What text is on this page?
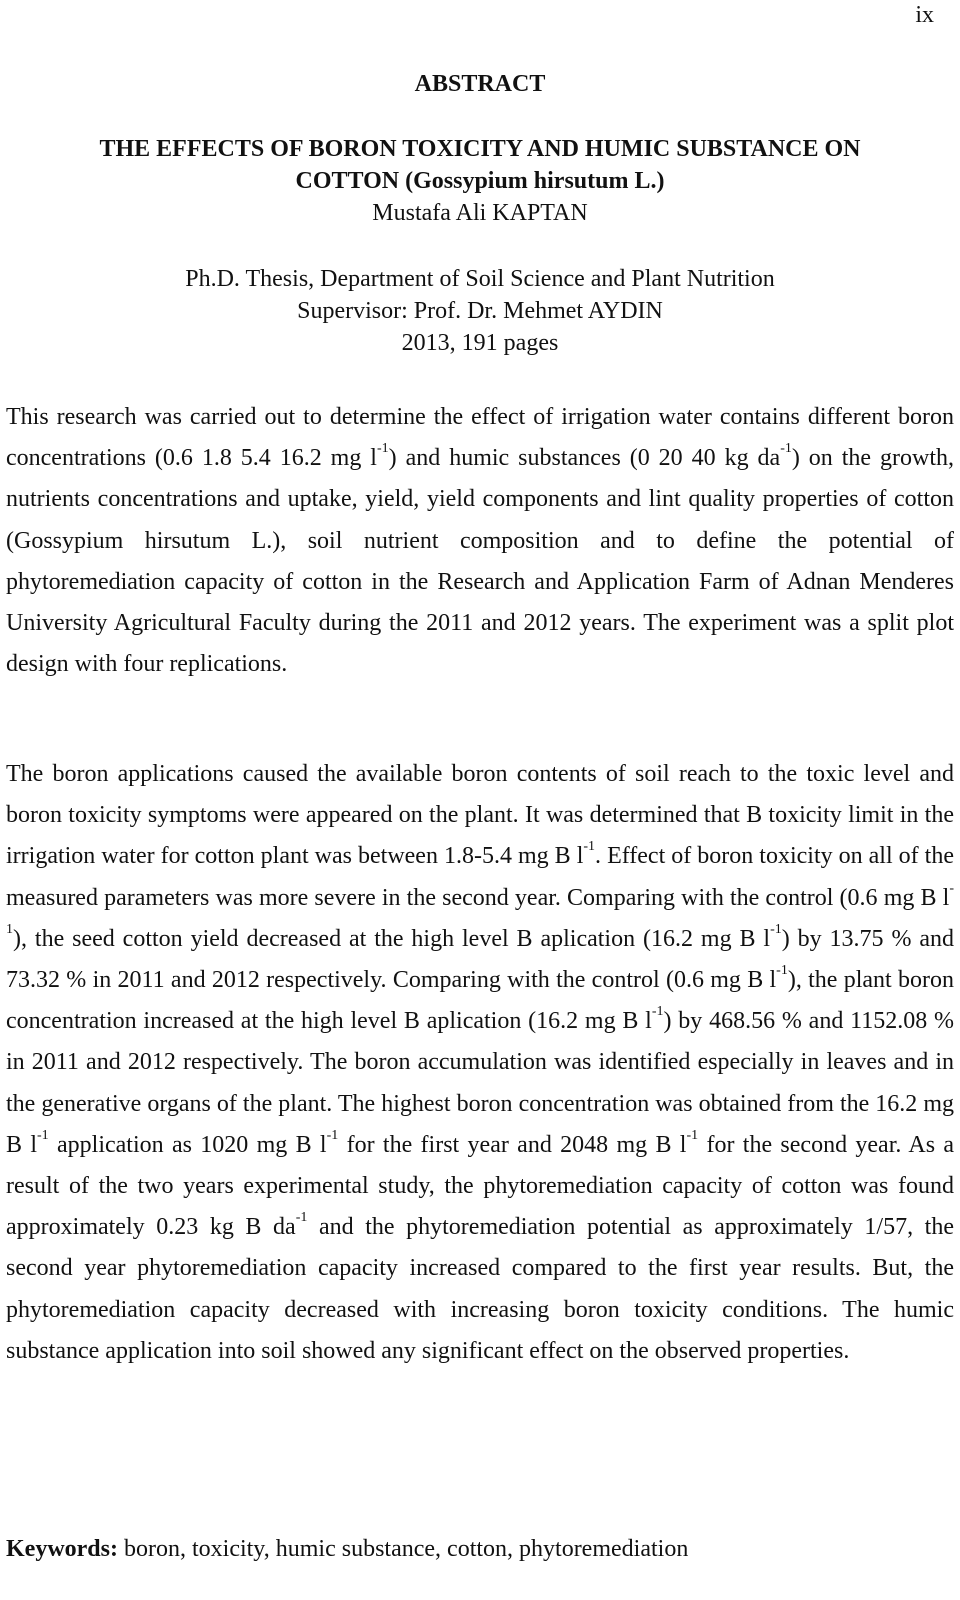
ix
ABSTRACT

THE EFFECTS OF BORON TOXICITY AND HUMIC SUBSTANCE ON

COTTON (Gossypium hirsutum L.)

Mustafa Ali KAPTAN

Ph.D. Thesis, Department of Soil Science and Plant Nutrition

Supervisor: Prof. Dr. Mehmet AYDIN

2013, 191 pages

This research was carried out to determine the effect of irrigation water contains different boron concentrations (0.6 1.8 5.4 16.2 mg $l^{-1}$) and humic substances (0 20 40 kg $da^{-1}$) on the growth, nutrients concentrations and uptake, yield, yield components and lint quality properties of cotton (Gossypium hirsutum L.), soil nutrient composition and to define the potential of phytoremediation capacity of cotton in the Research and Application Farm of Adnan Menderes University Agricultural Faculty during the 2011 and 2012 years. The experiment was a split plot design with four replications.

The boron applications caused the available boron contents of soil reach to the toxic level and boron toxicity symptoms were appeared on the plant. It was determined that B toxicity limit in the irrigation water for cotton plant was between 1.8-5.4 mg B $l^{-1}$. Effect of boron toxicity on all of the measured parameters was more severe in the second year. Comparing with the control (0.6 mg B $l^{-1}$), the seed cotton yield decreased at the high level B aplication (16.2 mg B $l^{-1}$) by 13.75 % and 73.32 % in 2011 and 2012 respectively. Comparing with the control (0.6 mg B $l^{-1}$), the plant boron concentration increased at the high level B aplication (16.2 mg B $l^{-1}$) by 468.56 % and 1152.08 % in 2011 and 2012 respectively. The boron accumulation was identified especially in leaves and in the generative organs of the plant. The highest boron concentration was obtained from the 16.2 mg B $l^{-1}$ application as 1020 mg B $l^{-1}$ for the first year and 2048 mg B $l^{-1}$ for the second year. As a result of the two years experimental study, the phytoremediation capacity of cotton was found approximately 0.23 kg B $da^{-1}$ and the phytoremediation potential as approximately 1/57, the second year phytoremediation capacity increased compared to the first year results. But, the phytoremediation capacity decreased with increasing boron toxicity conditions. The humic substance application into soil showed any significant effect on the observed properties.

Keywords: boron, toxicity, humic substance, cotton, phytoremediation
